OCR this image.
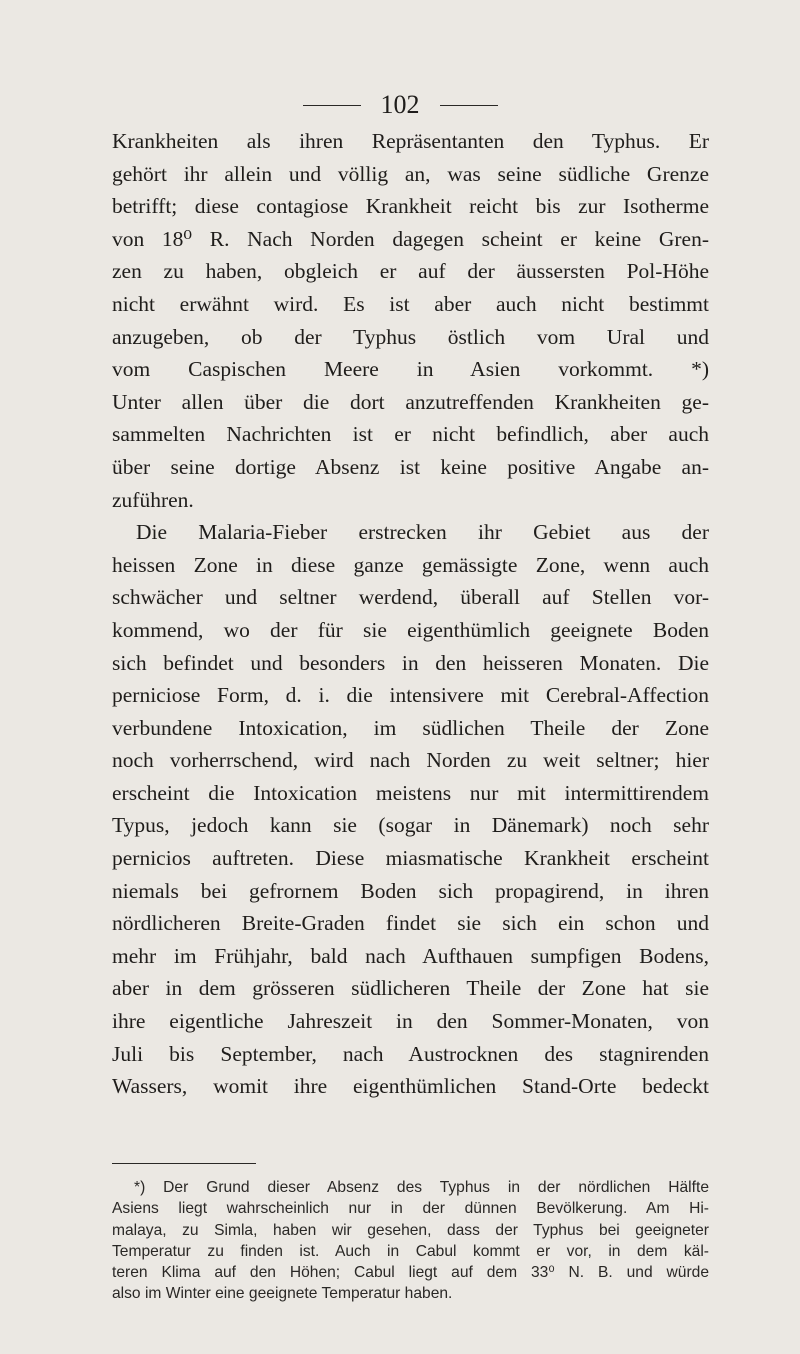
102
Krankheiten als ihren Repräsentanten den Typhus. Er
gehört ihr allein und völlig an, was seine südliche Grenze
betrifft; diese contagiose Krankheit reicht bis zur Isotherme
von 18⁰ R. Nach Norden dagegen scheint er keine Gren-
zen zu haben, obgleich er auf der äussersten Pol-Höhe
nicht erwähnt wird. Es ist aber auch nicht bestimmt
anzugeben, ob der Typhus östlich vom Ural und
vom Caspischen Meere in Asien vorkommt. *)
Unter allen über die dort anzutreffenden Krankheiten ge-
sammelten Nachrichten ist er nicht befindlich, aber auch
über seine dortige Absenz ist keine positive Angabe an-
zuführen.
Die Malaria-Fieber erstrecken ihr Gebiet aus der
heissen Zone in diese ganze gemässigte Zone, wenn auch
schwächer und seltner werdend, überall auf Stellen vor-
kommend, wo der für sie eigenthümlich geeignete Boden
sich befindet und besonders in den heisseren Monaten. Die
perniciose Form, d. i. die intensivere mit Cerebral-Affection
verbundene Intoxication, im südlichen Theile der Zone
noch vorherrschend, wird nach Norden zu weit seltner; hier
erscheint die Intoxication meistens nur mit intermittirendem
Typus, jedoch kann sie (sogar in Dänemark) noch sehr
pernicios auftreten. Diese miasmatische Krankheit erscheint
niemals bei gefrornem Boden sich propagirend, in ihren
nördlicheren Breite-Graden findet sie sich ein schon und
mehr im Frühjahr, bald nach Aufthauen sumpfigen Bodens,
aber in dem grösseren südlicheren Theile der Zone hat sie
ihre eigentliche Jahreszeit in den Sommer-Monaten, von
Juli bis September, nach Austrocknen des stagnirenden
Wassers, womit ihre eigenthümlichen Stand-Orte bedeckt
*) Der Grund dieser Absenz des Typhus in der nördlichen Hälfte
Asiens liegt wahrscheinlich nur in der dünnen Bevölkerung. Am Hi-
malaya, zu Simla, haben wir gesehen, dass der Typhus bei geeigneter
Temperatur zu finden ist. Auch in Cabul kommt er vor, in dem käl-
teren Klima auf den Höhen; Cabul liegt auf dem 33⁰ N. B. und würde
also im Winter eine geeignete Temperatur haben.
